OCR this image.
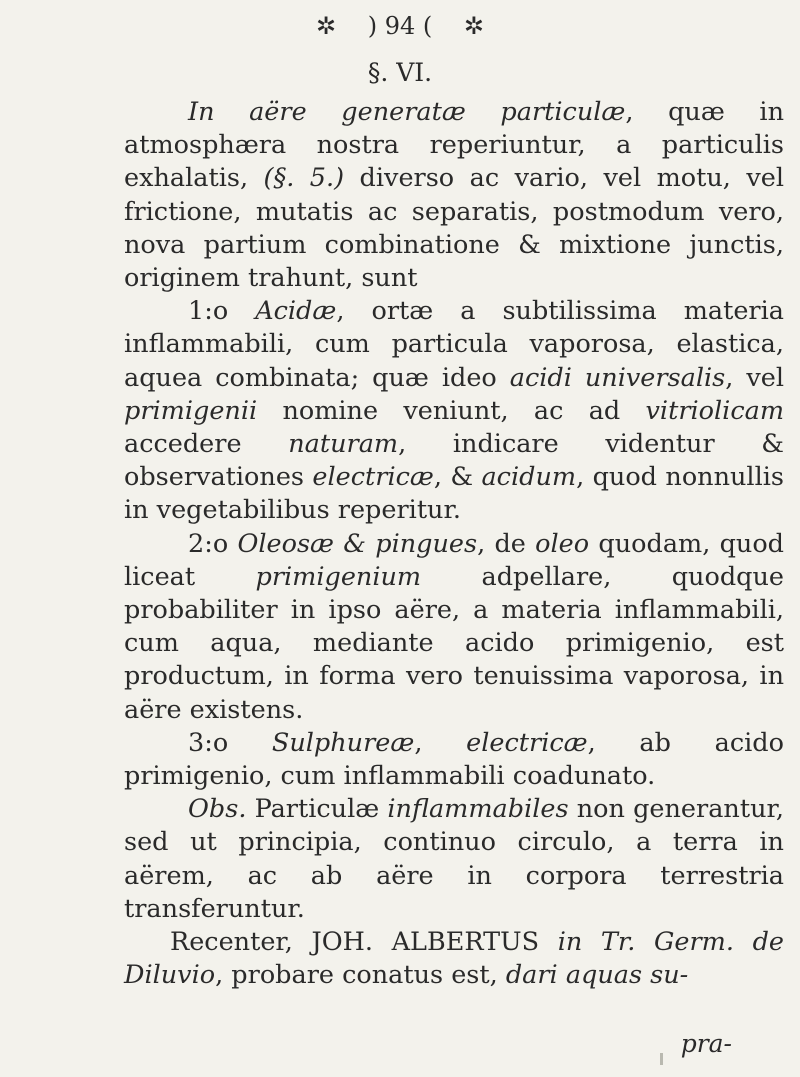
✲ ) 94 ( ✲
§. VI.

In aëre generatæ particulæ, quæ in atmosphæra nostra reperiuntur, a particulis exhalatis, (§. 5.) diverso ac vario, vel motu, vel frictione, mutatis ac separatis, postmodum vero, nova partium combinatione & mixtione junctis, originem trahunt, sunt

1:o Acidæ, ortæ a subtilissima materia inflammabili, cum particula vaporosa, elastica, aquea combinata; quæ ideo acidi universalis, vel primigenii nomine veniunt, ac ad vitriolicam accedere naturam, indicare videntur & observationes electricæ, & acidum, quod nonnullis in vegetabilibus reperitur.

2:o Oleosæ & pingues, de oleo quodam, quod liceat primigenium adpellare, quodque probabiliter in ipso aëre, a materia inflammabili, cum aqua, mediante acido primigenio, est productum, in forma vero tenuissima vaporosa, in aëre existens.

3:o Sulphureæ, electricæ, ab acido primigenio, cum inflammabili coadunato.

Obs. Particulæ inflammabiles non generantur, sed ut principia, continuo circulo, a terra in aërem, ac ab aëre in corpora terrestria transferuntur.

Recenter, JOH. ALBERTUS in Tr. Germ. de Diluvio, probare conatus est, dari aquas su-

pra-
